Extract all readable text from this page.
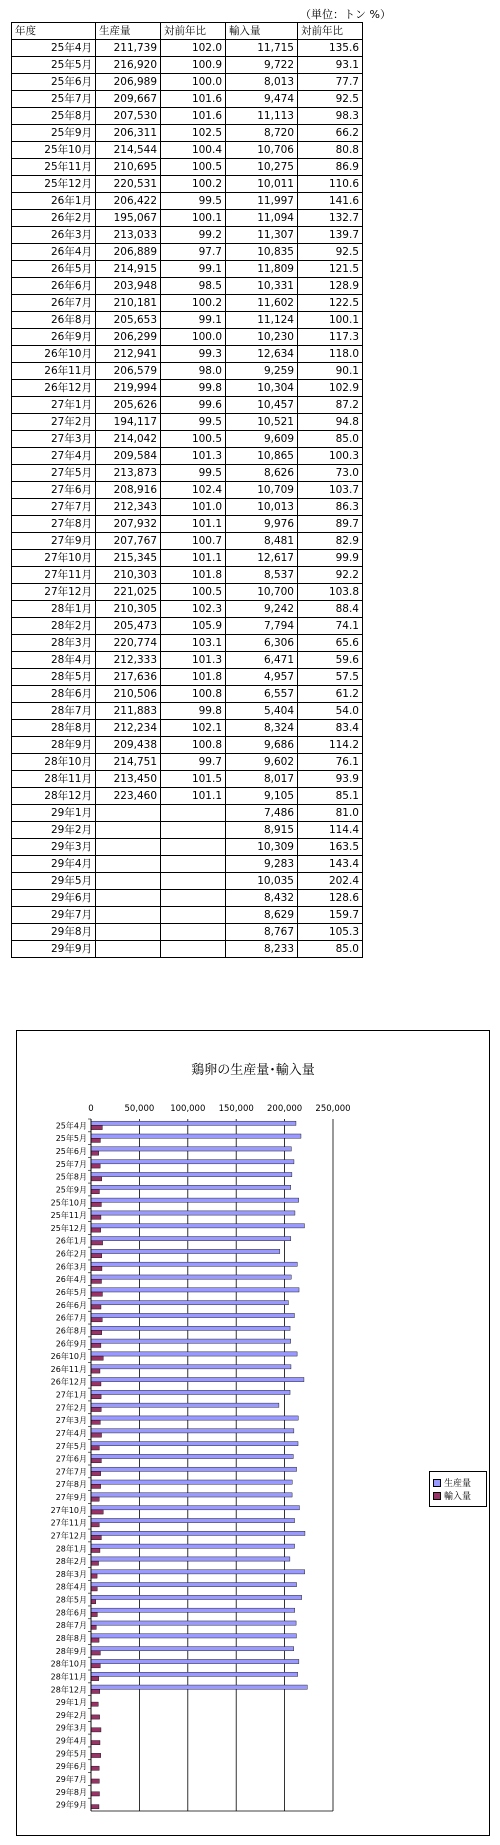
（単位：トン %）
年度	生産量	対前年比	輸入量	対前年比
25年4月	211,739	102.0	11,715	135.6
25年5月	216,920	100.9	9,722	93.1
25年6月	206,989	100.0	8,013	77.7
25年7月	209,667	101.6	9,474	92.5
25年8月	207,530	101.6	11,113	98.3
25年9月	206,311	102.5	8,720	66.2
25年10月	214,544	100.4	10,706	80.8
25年11月	210,695	100.5	10,275	86.9
25年12月	220,531	100.2	10,011	110.6
26年1月	206,422	99.5	11,997	141.6
26年2月	195,067	100.1	11,094	132.7
26年3月	213,033	99.2	11,307	139.7
26年4月	206,889	97.7	10,835	92.5
26年5月	214,915	99.1	11,809	121.5
26年6月	203,948	98.5	10,331	128.9
26年7月	210,181	100.2	11,602	122.5
26年8月	205,653	99.1	11,124	100.1
26年9月	206,299	100.0	10,230	117.3
26年10月	212,941	99.3	12,634	118.0
26年11月	206,579	98.0	9,259	90.1
26年12月	219,994	99.8	10,304	102.9
27年1月	205,626	99.6	10,457	87.2
27年2月	194,117	99.5	10,521	94.8
27年3月	214,042	100.5	9,609	85.0
27年4月	209,584	101.3	10,865	100.3
27年5月	213,873	99.5	8,626	73.0
27年6月	208,916	102.4	10,709	103.7
27年7月	212,343	101.0	10,013	86.3
27年8月	207,932	101.1	9,976	89.7
27年9月	207,767	100.7	8,481	82.9
27年10月	215,345	101.1	12,617	99.9
27年11月	210,303	101.8	8,537	92.2
27年12月	221,025	100.5	10,700	103.8
28年1月	210,305	102.3	9,242	88.4
28年2月	205,473	105.9	7,794	74.1
28年3月	220,774	103.1	6,306	65.6
28年4月	212,333	101.3	6,471	59.6
28年5月	217,636	101.8	4,957	57.5
28年6月	210,506	100.8	6,557	61.2
28年7月	211,883	99.8	5,404	54.0
28年8月	212,234	102.1	8,324	83.4
28年9月	209,438	100.8	9,686	114.2
28年10月	214,751	99.7	9,602	76.1
28年11月	213,450	101.5	8,017	93.9
28年12月	223,460	101.1	9,105	85.1
29年1月			7,486	81.0
29年2月			8,915	114.4
29年3月			10,309	163.5
29年4月			9,283	143.4
29年5月			10,035	202.4
29年6月			8,432	128.6
29年7月			8,629	159.7
29年8月			8,767	105.3
29年9月			8,233	85.0
鶏卵の生産量･輸入量
0	50,000 100,000 150,000 200,000 250,000
25年4月
25年5月
25年6月
25年7月
25年8月
25年9月
25年10月
25年11月
25年12月
26年1月
26年2月
26年3月
26年4月
26年5月
26年6月
26年7月
26年8月
26年9月
26年10月
26年11月
26年12月
27年1月
27年2月
27年3月
27年4月
27年5月
27年6月
27年7月
27年8月
27年9月
27年10月
27年11月
27年12月
28年1月
28年2月
28年3月
28年4月
28年5月
28年6月
28年7月
28年8月
28年9月
28年10月
28年11月
28年12月
29年1月
29年2月
29年3月
29年4月
29年5月
29年6月
29年7月
29年8月
29年9月
生産量
輸入量
